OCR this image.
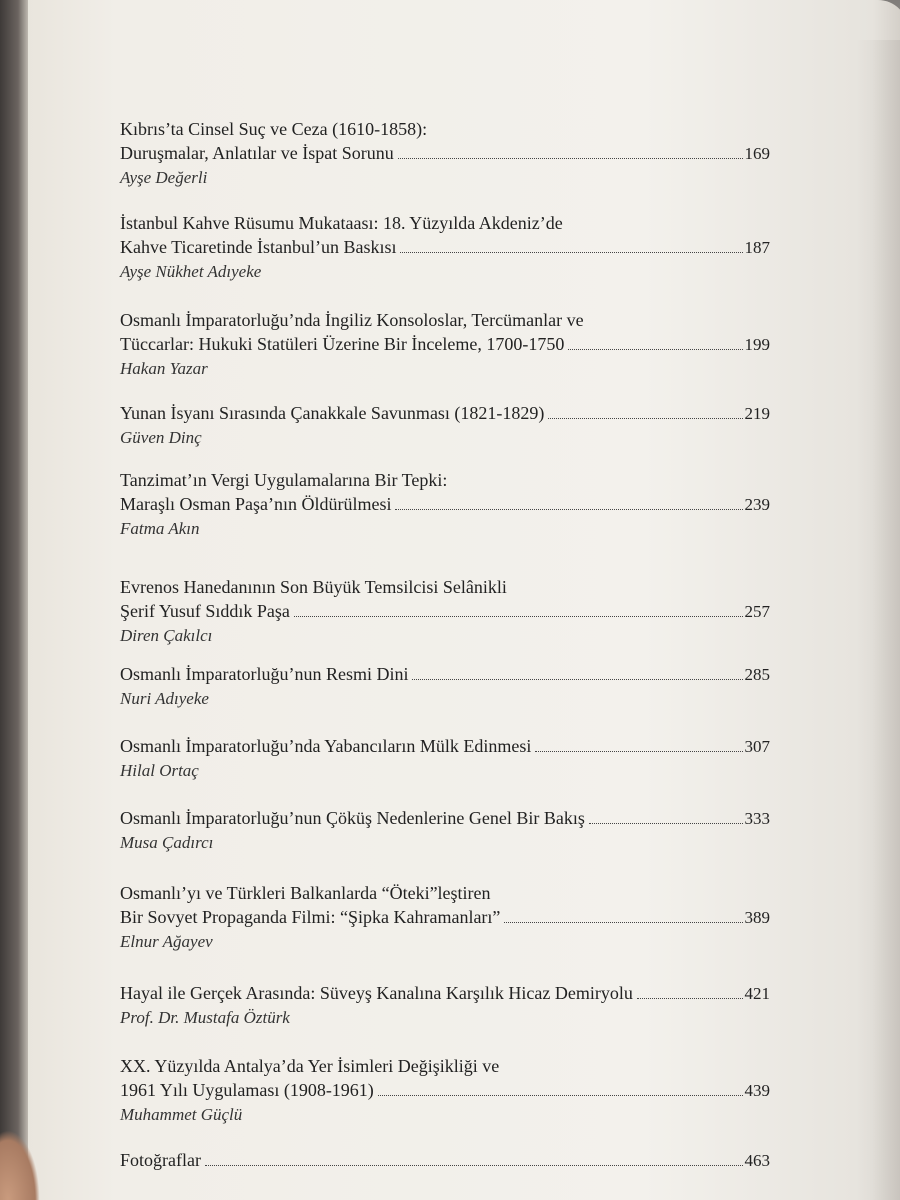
Kıbrıs’ta Cinsel Suç ve Ceza (1610-1858):
Duruşmalar, Anlatılar ve İspat Sorunu	169
Ayşe Değerli
İstanbul Kahve Rüsumu Mukataası: 18. Yüzyılda Akdeniz’de
Kahve Ticaretinde İstanbul’un Baskısı	187
Ayşe Nükhet Adıyeke
Osmanlı İmparatorluğu’nda İngiliz Konsoloslar, Tercümanlar ve
Tüccarlar: Hukuki Statüleri Üzerine Bir İnceleme, 1700-1750	199
Hakan Yazar
Yunan İsyanı Sırasında Çanakkale Savunması (1821-1829)	219
Güven Dinç
Tanzimat’ın Vergi Uygulamalarına Bir Tepki:
Maraşlı Osman Paşa’nın Öldürülmesi	239
Fatma Akın
Evrenos Hanedanının Son Büyük Temsilcisi Selânikli
Şerif Yusuf Sıddık Paşa	257
Diren Çakılcı
Osmanlı İmparatorluğu’nun Resmi Dini	285
Nuri Adıyeke
Osmanlı İmparatorluğu’nda Yabancıların Mülk Edinmesi	307
Hilal Ortaç
Osmanlı İmparatorluğu’nun Çöküş Nedenlerine Genel Bir Bakış	333
Musa Çadırcı
Osmanlı’yı ve Türkleri Balkanlarda “Öteki”leştiren
Bir Sovyet Propaganda Filmi: “Şipka Kahramanları”	389
Elnur Ağayev
Hayal ile Gerçek Arasında: Süveyş Kanalına Karşılık Hicaz Demiryolu	421
Prof. Dr. Mustafa Öztürk
XX. Yüzyılda Antalya’da Yer İsimleri Değişikliği ve
1961 Yılı Uygulaması (1908-1961)	439
Muhammet Güçlü
Fotoğraflar	463
